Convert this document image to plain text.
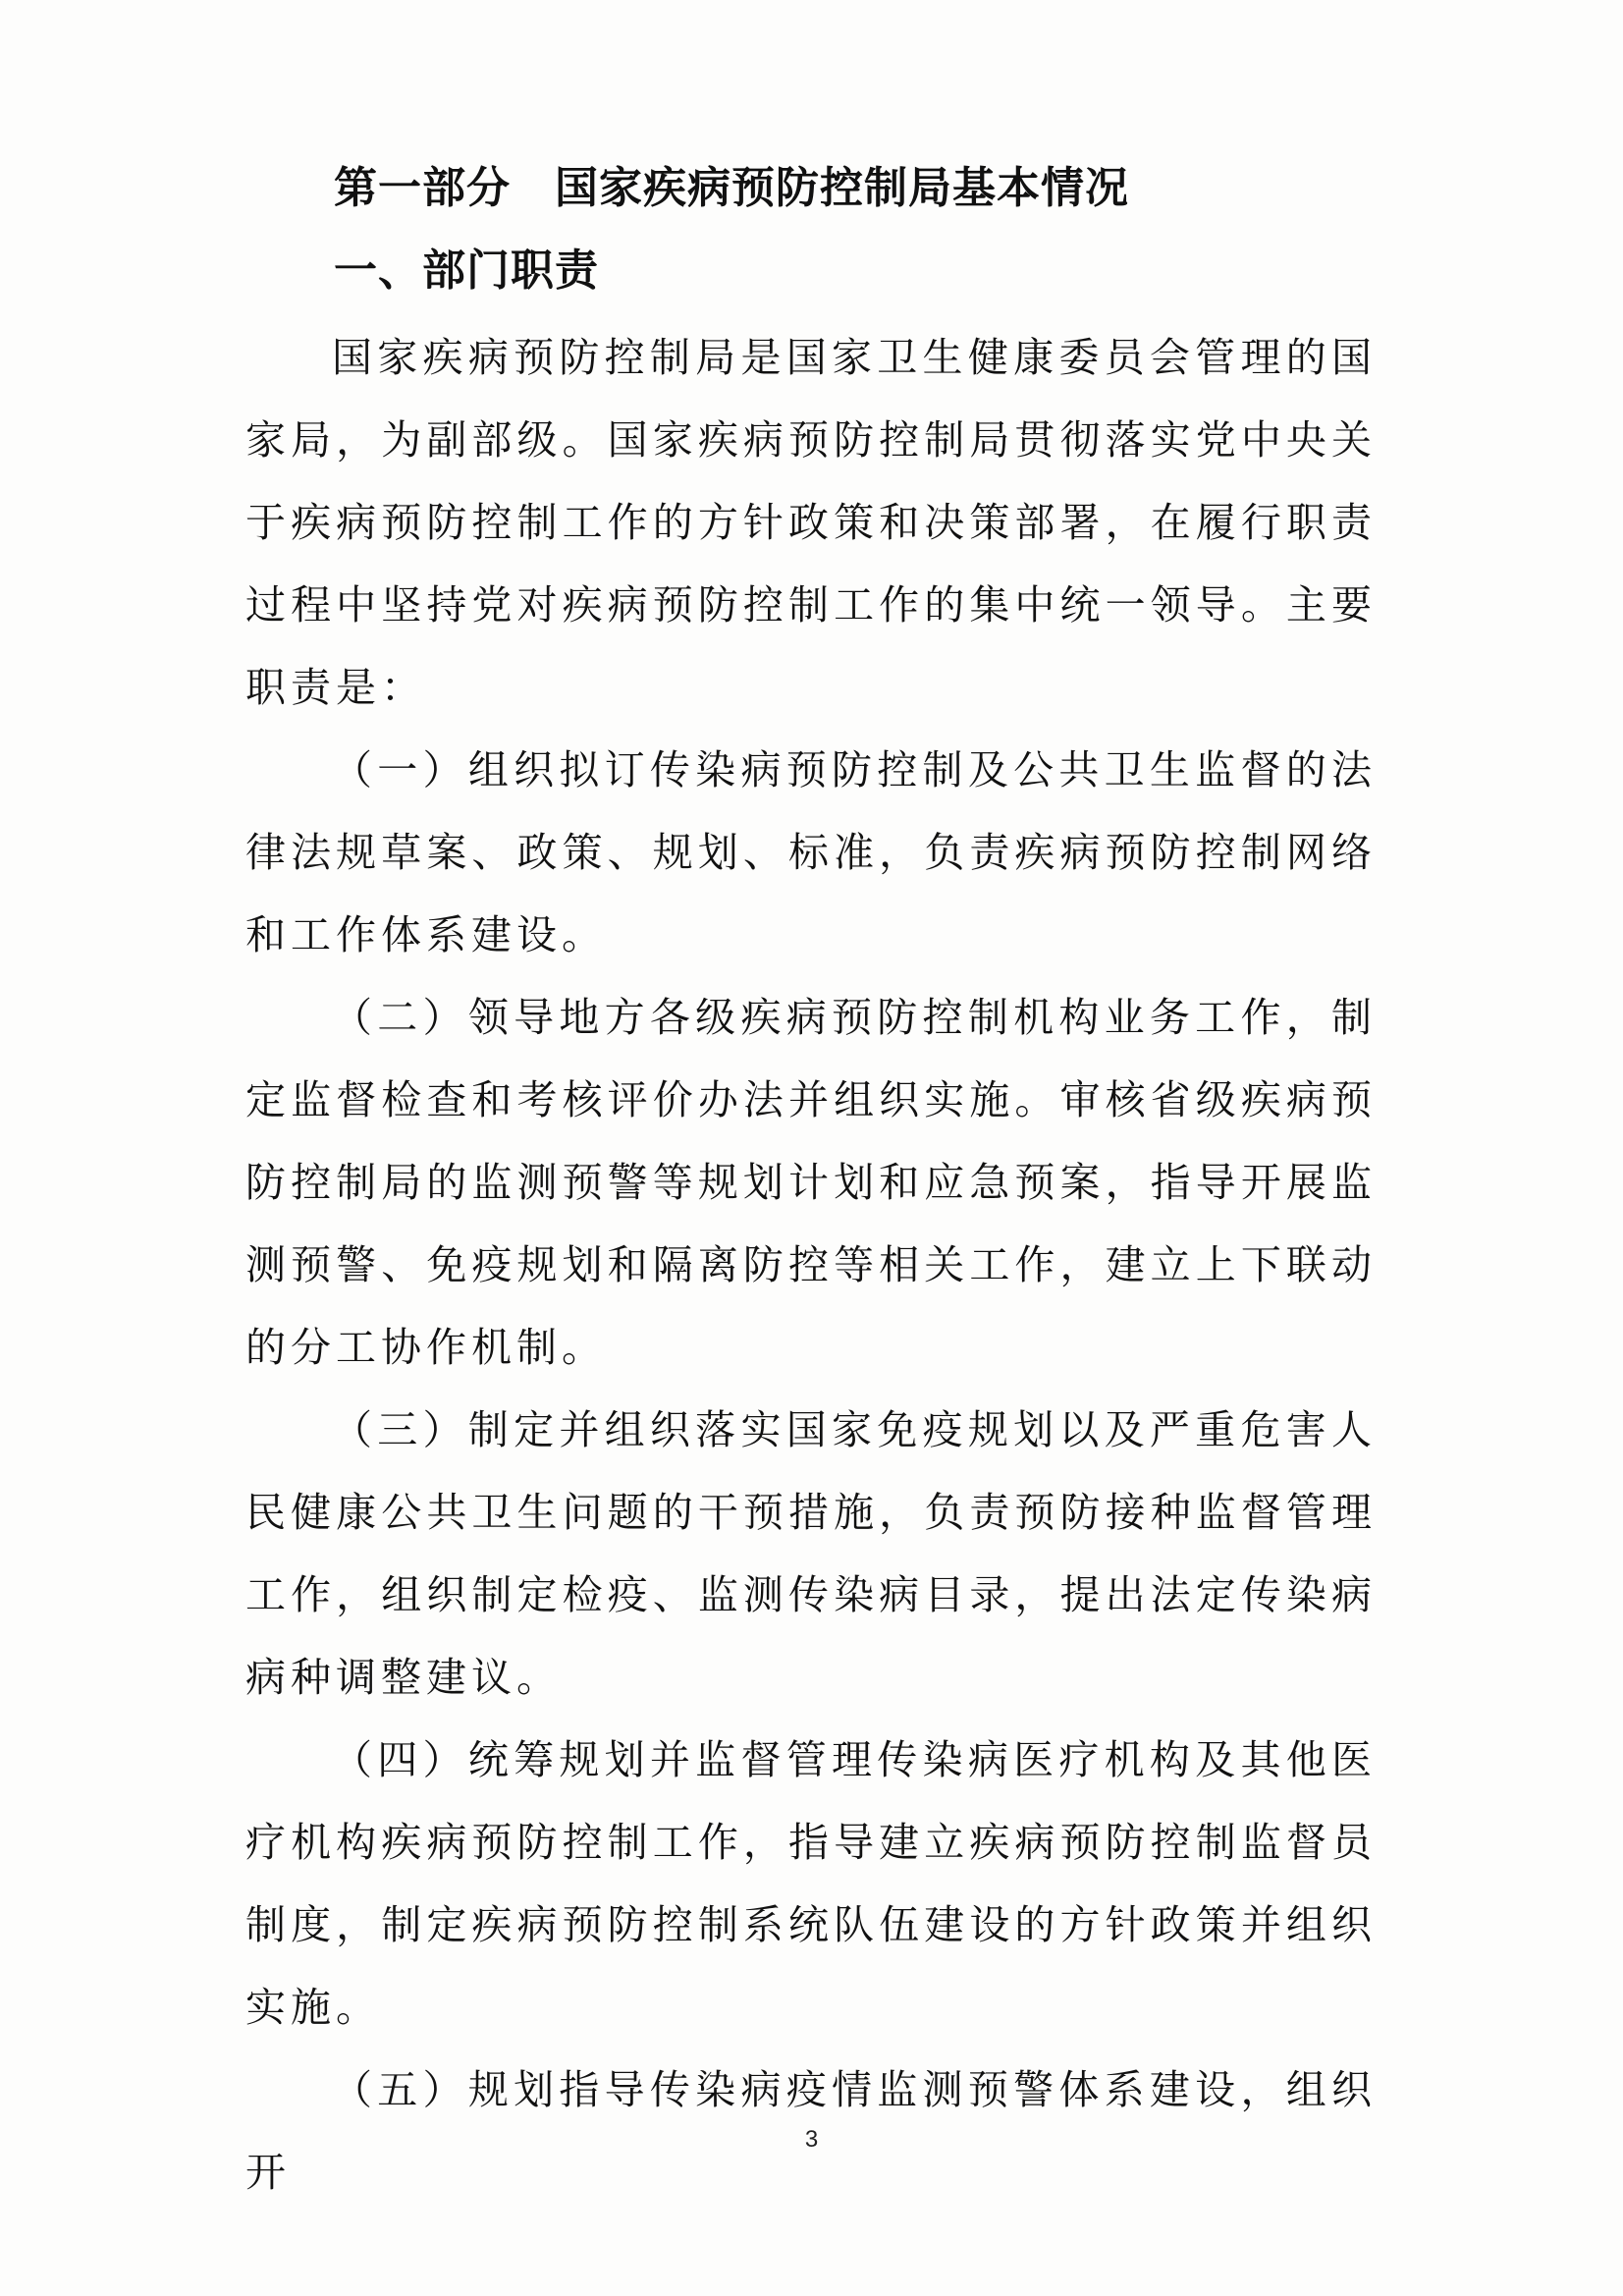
第一部分　国家疾病预防控制局基本情况
一、部门职责

国家疾病预防控制局是国家卫生健康委员会管理的国家局，为副部级。国家疾病预防控制局贯彻落实党中央关于疾病预防控制工作的方针政策和决策部署，在履行职责过程中坚持党对疾病预防控制工作的集中统一领导。主要职责是：

（一）组织拟订传染病预防控制及公共卫生监督的法律法规草案、政策、规划、标准，负责疾病预防控制网络和工作体系建设。

（二）领导地方各级疾病预防控制机构业务工作，制定监督检查和考核评价办法并组织实施。审核省级疾病预防控制局的监测预警等规划计划和应急预案，指导开展监测预警、免疫规划和隔离防控等相关工作，建立上下联动的分工协作机制。

（三）制定并组织落实国家免疫规划以及严重危害人民健康公共卫生问题的干预措施，负责预防接种监督管理工作，组织制定检疫、监测传染病目录，提出法定传染病病种调整建议。

（四）统筹规划并监督管理传染病医疗机构及其他医疗机构疾病预防控制工作，指导建立疾病预防控制监督员制度，制定疾病预防控制系统队伍建设的方针政策并组织实施。

（五）规划指导传染病疫情监测预警体系建设，组织开

3
